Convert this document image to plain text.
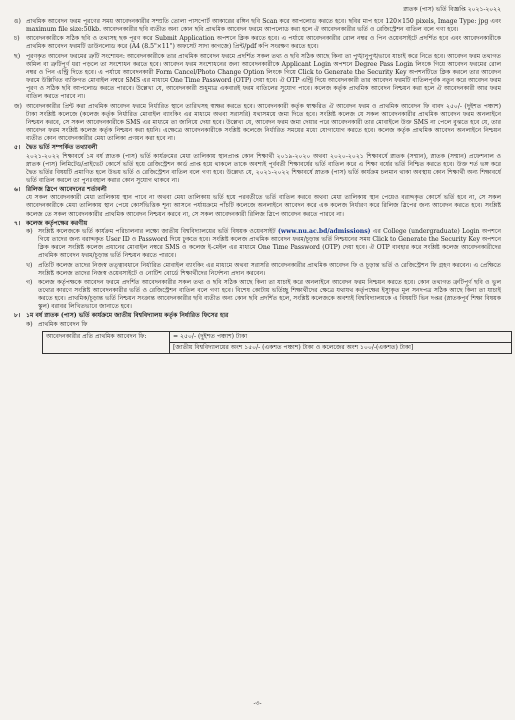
স্নাতক (পাস) ভর্তি বিজ্ঞপ্তি ২০২১-২০২২
ঙ) প্রাথমিক আবেদন ফরম পূরণের সময় আবেদনকারীর সম্প্রতি তোলা পাসপোর্ট আকারের রঙ্গিন ছবি Scan করে আপলোড করতে হবে। ছবির মাপ হবে 120×150 pixels, Image Type: jpg এবং maximum file size:50kb. আবেদনকারীর ছবি ব্যতীত অন্য কোন ছবি প্রাথমিক আবেদন ফরমে আপলোড করা হলে ঐ আবেদনকারীর ভর্তি ও রেজিস্ট্রেশন বাতিল বলে গণ্য হবে।
চ) আবেদনকারীকে সঠিক ছবি ও তথ্যসহ ছক পূরণ করে Submit Application অপশনে ক্লিক করতে হবে। এ পর্যায়ে আবেদনকারীর রোল নম্বর ও পিন ওয়েবসাইটে প্রদর্শিত হবে এবং আবেদনকারীকে প্রাথমিক আবেদন ফরমটি ডাউনলোড করে (A4 (8.5"×11") অফসেট সাদা কাগজে) প্রিন্ট/pdf কপি সংরক্ষণ করতে হবে।
ছ) পূরণকৃত আবেদন ফরমের ত্রুটি সংশোধন: আবেদনকারীকে তার প্রাথমিক আবেদন ফরমে প্রদর্শিত সকল তথ্য ও ছবি সঠিক আছে কিনা তা পুঙ্খানুপুঙ্খভাবে যাচাই করে নিতে হবে। আবেদন ফরম তথ্যগত অমিল বা ত্রুটিপূর্ণ ধরা পড়লে তা সংশোধন করতে হবে। আবেদন ফরম সংশোধনের জন্য আবেদনকারীকে Applicant Login অপশনে Degree Pass Login লিংকে গিয়ে আবেদন ফরমের রোল নম্বর ও পিন এন্ট্রি দিতে হবে। এ পর্যায়ে আবেদনকারী Form Cancel/Photo Change Option লিংকে গিয়ে Click to Generate the Security Key অপশনটিতে ক্লিক করলে তার আবেদন ফরমে উল্লিখিত ব্যক্তিগত মোবাইল নম্বরে SMS এর মাধ্যমে One Time Password (OTP) দেয়া হবে। ঐ OTP এন্ট্রি দিয়ে আবেদনকারী তার আবেদন ফরমটি বাতিলপূর্বক নতুন করে আবেদন ফরম পূরণ ও সঠিক ছবি আপলোড করতে পারবে। উল্লেখ্য যে, আবেদনকারী শুধুমাত্র একবারই ফরম বাতিলের সুযোগ পাবে। কলেজ কর্তৃক প্রাথমিক আবেদন নিশ্চয়ন করা হলে ঐ আবেদনকারী আর ফরম বাতিল করতে পারবে না।
জ) আবেদনকারীর প্রিন্ট করা প্রাথমিক আবেদন ফরমে নির্ধারিত স্থানে তারিখসহ স্বাক্ষর করতে হবে। আবেদনকারী কর্তৃক স্বাক্ষরিত ঐ আবেদন ফরম ও প্রাথমিক আবেদন ফি বাবদ ২৫০/- (দুইশত পঞ্চাশ) টাকা সংশ্লিষ্ট কলেজে (কলেজ কর্তৃক নির্ধারিত মোবাইল ব্যাংকিং এর মাধ্যমে অথবা সরাসরি) যথাসময়ে জমা দিতে হবে। সংশ্লিষ্ট কলেজ যে সকল আবেদনকারীর প্রাথমিক আবেদন ফরম অনলাইনে নিশ্চয়ন করবে, সে সকল আবেদনকারীকে SMS এর মাধ্যমে তা জানিয়ে দেয়া হবে। উল্লেখ্য যে, আবেদন ফরম জমা দেয়ার পরে আবেদনকারী তার মোবাইলে উক্ত SMS না পেলে বুঝতে হবে যে, তার আবেদন ফরম সংশ্লিষ্ট কলেজ কর্তৃক নিশ্চয়ন করা হয়নি। এক্ষেত্রে আবেদনকারীকে সংশ্লিষ্ট কলেজে নির্ধারিত সময়ের মধ্যে যোগাযোগ করতে হবে। কলেজ কর্তৃক প্রাথমিক আবেদন অনলাইনে নিশ্চয়ন ব্যতীত কোন আবেদনকারীর মেধা তালিকা প্রণয়ন করা হবে না।
৫। দ্বৈত ভর্তি সম্পর্কিত তথ্যাবলী
২০২১-২০২২ শিক্ষাবর্ষে ১ম বর্ষ স্নাতক (পাস) ভর্তি কার্যক্রমের মেধা তালিকায় স্থানপ্রাপ্ত কোন শিক্ষার্থী ২০১৯-২০২০ অথবা ২০২০-২০২১ শিক্ষাবর্ষে স্নাতক (সম্মান), স্নাতক (সম্মান) প্রফেশনাল ও স্নাতক (পাস) লিমিটেড/প্রাইভেট কোর্সে ভর্তি হয়ে রেজিস্ট্রেশন কার্ড প্রাপ্ত হয়ে থাকলে তাকে অবশ্যই পূর্ববর্তী শিক্ষাবর্ষের ভর্তি বাতিল করে এ শিক্ষা বর্ষের ভর্তি নিশ্চিত করতে হবে। উক্ত শর্ত ভঙ্গ করে দ্বৈত ভর্তির বিষয়টি প্রমাণিত হলে উভয় ভর্তি ও রেজিস্ট্রেশন বাতিল বলে গণ্য হবে। উল্লেখ্য যে, ২০২১-২০২২ শিক্ষাবর্ষে স্নাতক (পাস) ভর্তি কার্যক্রম চলমান থাকা অবস্থায় কোন শিক্ষার্থী অন্য শিক্ষাবর্ষে ভর্তি বাতিল করলে তা পুনঃবহাল করার কোন সুযোগ থাকবে না।
৬। রিলিজ স্লিপে আবেদনের শর্তাবলী
যে সকল আবেদনকারী মেধা তালিকায় স্থান পাবে না অথবা মেধা তালিকায় ভর্তি হয়ে পরবর্তীতে ভর্তি বাতিল করবে অথবা মেধা তালিকায় স্থান পেয়েও বরাদ্দকৃত কোর্সে ভর্তি হবে না, সে সকল আবেদনকারীকে মেধা তালিকায় স্থান পেয়ে কোর্সভিত্তিক শূন্য আসনে পর্যায়ক্রমে পাঁচটি কলেজে অনলাইনে আবেদন করে এক কলেজ নির্ধারণ করে রিলিজ স্লিপের জন্য আবেদন করতে হবে। সংশ্লিষ্ট কলেজ তে সকল আবেদনকারীর প্রাথমিক আবেদন নিশ্চয়ন করবে না, সে সকল আবেদনকারী রিলিজ স্লিপে আবেদন করতে পারবে না।
৭। কলেজ কর্তৃপক্ষের করণীয়
ক) সংশ্লিষ্ট কলেজকে ভর্তি কার্যক্রম পরিচালনার লক্ষ্যে জাতীয় বিশ্ববিদ্যালয়ের ভর্তি বিষয়ক ওয়েবসাইট (www.nu.ac.bd/admissions) এর College (undergraduate) Login অপশনে গিয়ে তাদের জন্য বরাদ্দকৃত User ID ও Password দিয়ে ঢুকতে হবে। সংশ্লিষ্ট কলেজ প্রাথমিক আবেদন ফরম/চূড়ান্ত ভর্তি নিশ্চয়নের সময় Click to Generate the Security Key অপশনে ক্লিক করলে সংশ্লিষ্ট কলেজ প্রধানের মোবাইল নম্বরে SMS ও কলেজ ই-মেইল এর মাধ্যমে One Time Password (OTP) দেয়া হবে। ঐ OTP ব্যবহার করে সংশ্লিষ্ট কলেজ আবেদনকারীদের প্রাথমিক আবেদন ফরম/চূড়ান্ত ভর্তি নিশ্চয়ন করতে পারবে।
খ) প্রতিটি কলেজ তাদের নিজস্ব তত্ত্বাবধানে নির্ধারিত মোবাইল ব্যাংকিং এর মাধ্যমে অথবা সরাসরি আবেদনকারীর প্রাথমিক আবেদন ফি ও চূড়ান্ত ভর্তি ও রেজিস্ট্রেশন ফি গ্রহণ করবেন। এ প্রেক্ষিতে সংশ্লিষ্ট কলেজ তাদের নিজস্ব ওয়েবসাইটে ও নোটিশ বোর্ডে শিক্ষার্থীদের নির্দেশনা প্রদান করবেন।
গ) কলেজ কর্তৃপক্ষকে আবেদন ফরমে প্রদর্শিত আবেদনকারীর সকল তথ্য ও ছবি সঠিক আছে কিনা তা যাচাই করে অনলাইনে আবেদন ফরম নিশ্চয়ন করতে হবে। কোন তথ্যগত ত্রুটিপূর্ণ ছবি ও ভুল তথ্যের কারণে সংশ্লিষ্ট আবেদনকারীর ভর্তি ও রেজিস্ট্রেশন বাতিল বলে গণ্য হবে। বিশেষ কোটায় ভর্তিচ্ছু শিক্ষার্থীদের ক্ষেত্রে যথাযথ কর্তৃপক্ষের ইস্যুকৃত মূল সনদপত্র সঠিক আছে কিনা তা যাচাই করতে হবে। প্রাথমিক/চূড়ান্ত ভর্তি নিশ্চয়ন সংক্রান্ত আবেদনকারীর ছবি ব্যতীত অন্য কোন ছবি প্রদর্শিত হলে, সংশ্লিষ্ট কলেজকে অবশ্যই বিশ্ববিদ্যালয়কে এ বিষয়টি ভিন দপ্তর (স্নাতকপূর্ব শিক্ষা বিষয়ক স্কুল) বরাবর লিখিতভাবে জানাতে হবে।
৮। ১ম বর্ষ স্নাতক (পাস) ভর্তি কার্যক্রমে জাতীয় বিশ্ববিদ্যালয় কর্তৃক নির্ধারিত ফিসের হার
ক) প্রাথমিক আবেদন ফি
আবেদনকারীর প্রতি প্রাথমিক আবেদন ফি:	= ২৫০/- (দুইশত পঞ্চাশ) টাকা
[জাতীয় বিশ্ববিদ্যালয়ের অংশ ১৫০/- (একশত পঞ্চাশ) টাকা ও কলেজের অংশ ১০০/-(একশত) টাকা]
-৩-
